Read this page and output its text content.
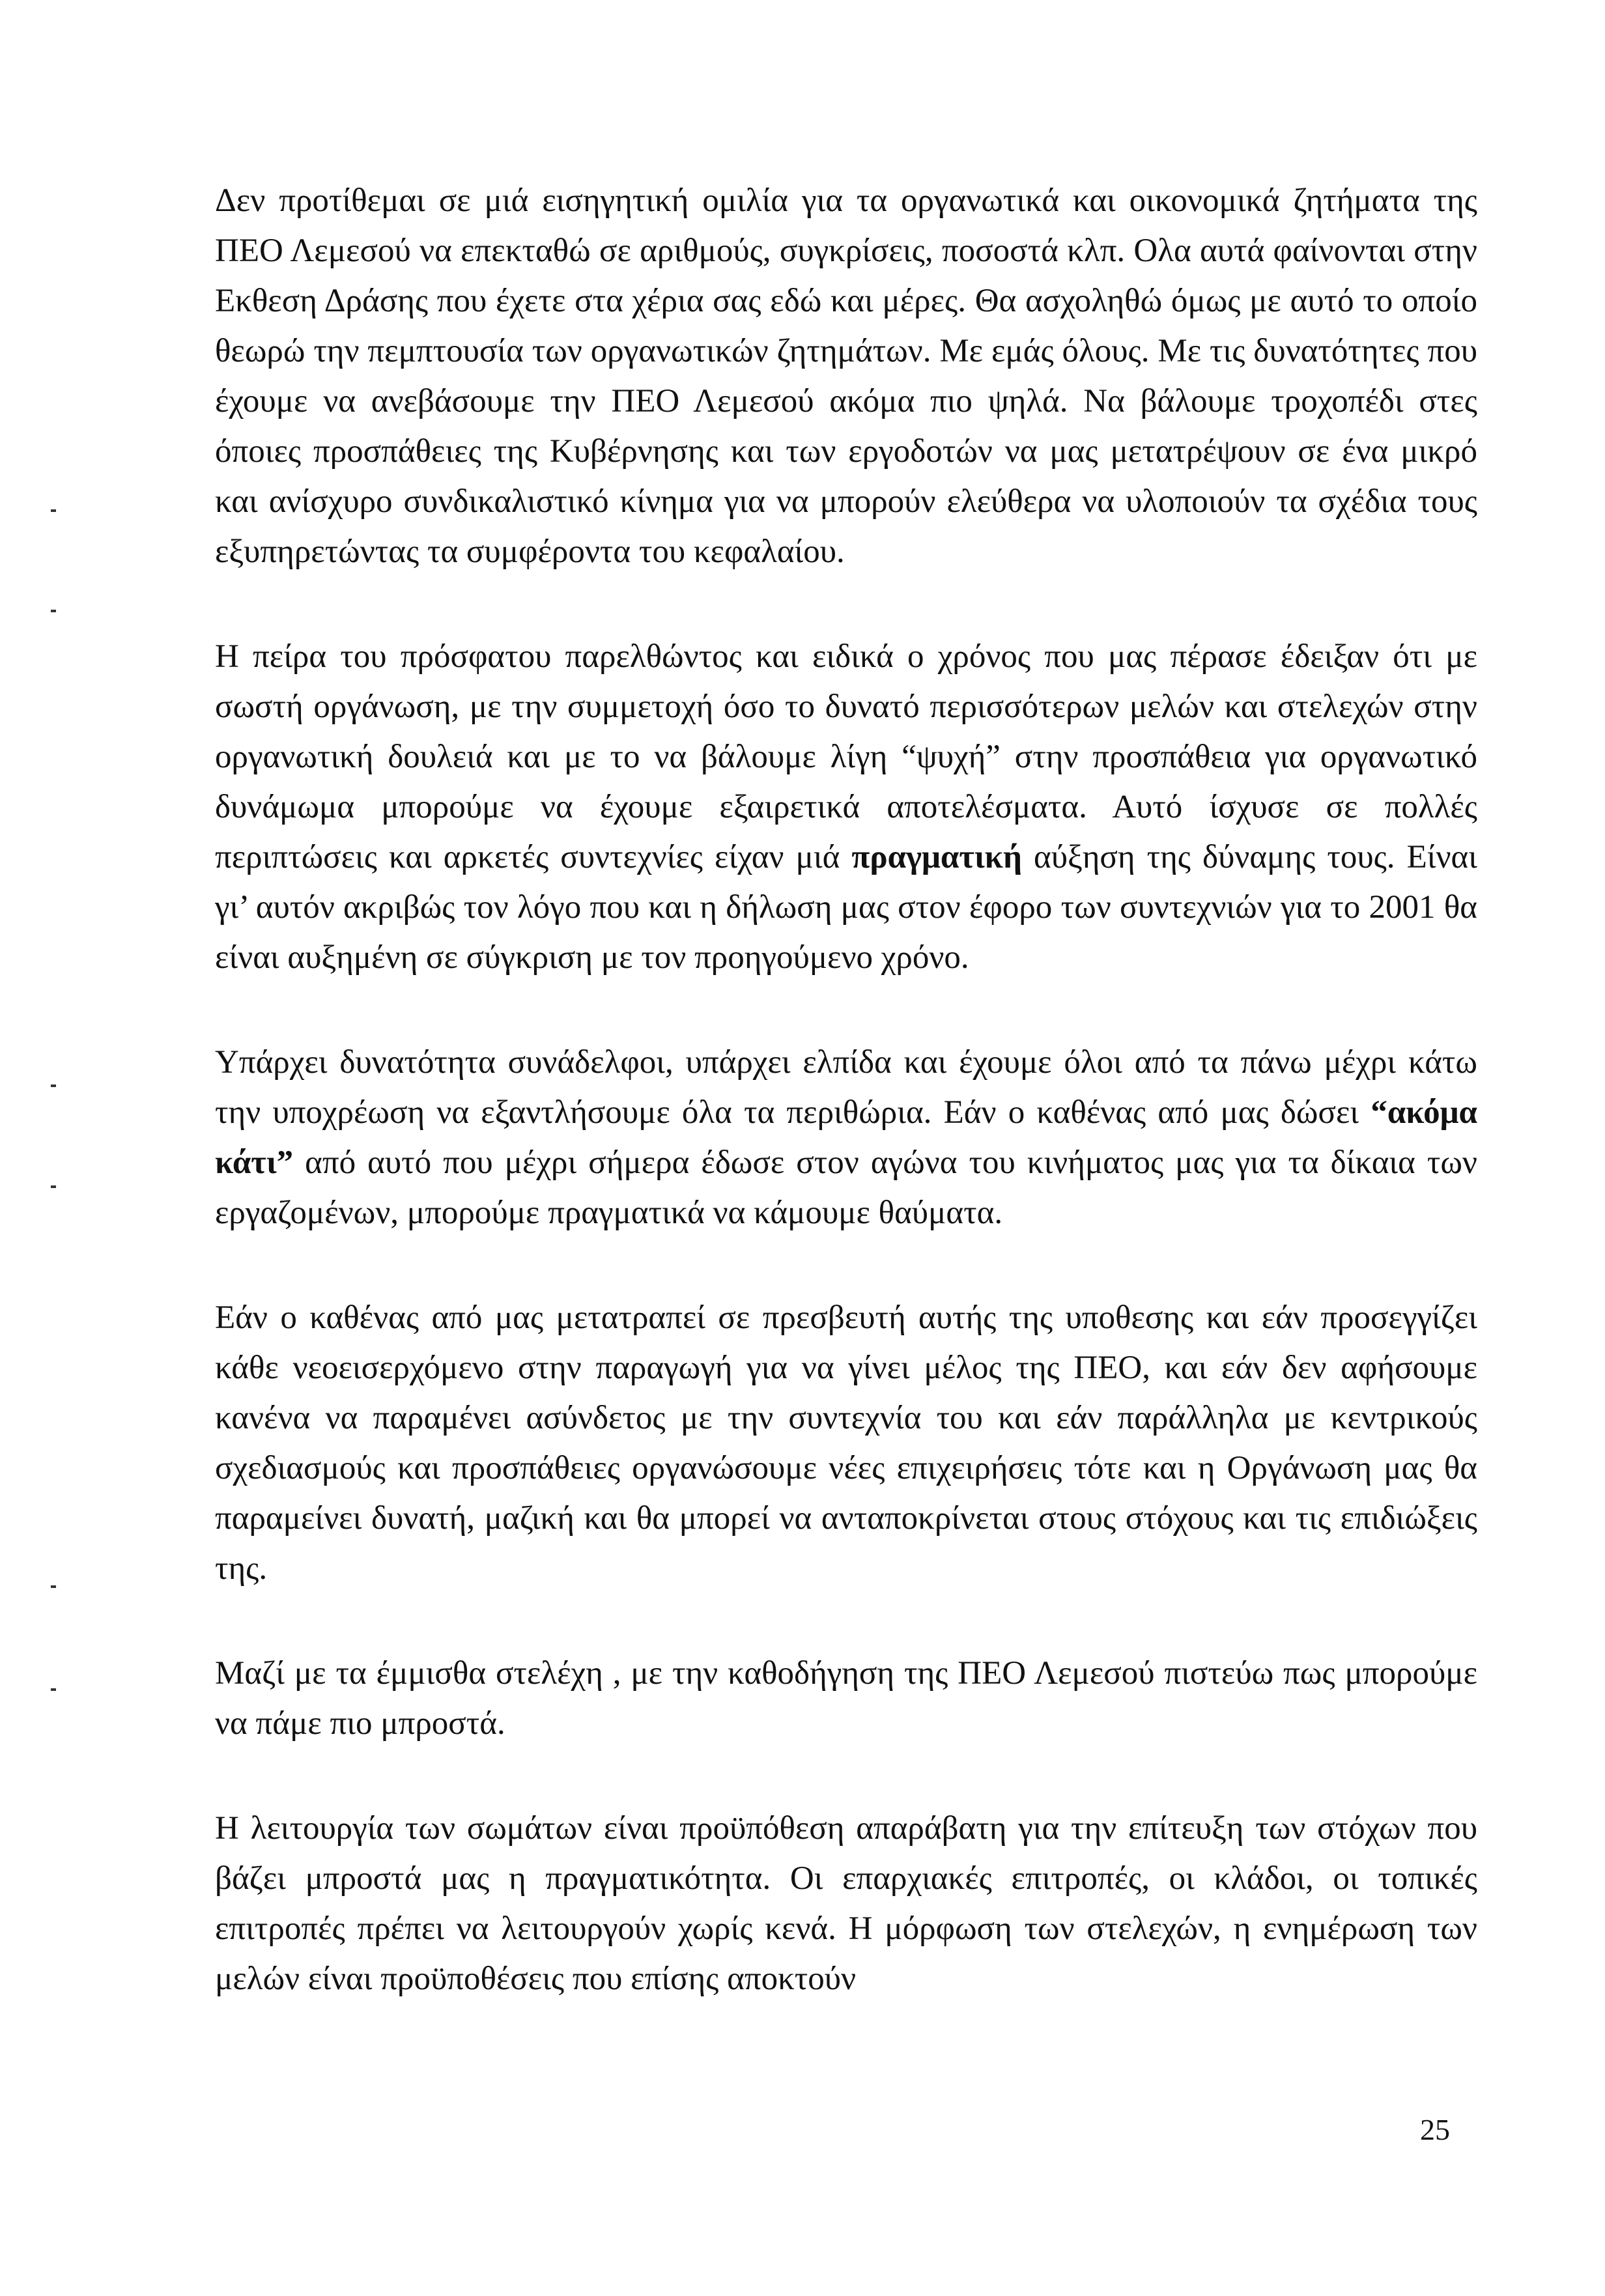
Δεν προτίθεμαι σε μιά εισηγητική ομιλία για τα οργανωτικά και οικονομικά ζητήματα της ΠΕΟ Λεμεσού να επεκταθώ σε αριθμούς, συγκρίσεις, ποσοστά κλπ. Ολα αυτά φαίνονται στην Εκθεση Δράσης που έχετε στα χέρια σας εδώ και μέρες. Θα ασχοληθώ όμως με αυτό το οποίο θεωρώ την πεμπτουσία των οργανωτικών ζητημάτων. Με εμάς όλους. Με τις δυνατότητες που έχουμε να ανεβάσουμε την ΠΕΟ Λεμεσού ακόμα πιο ψηλά. Να βάλουμε τροχοπέδι στες όποιες προσπάθειες της Κυβέρνησης και των εργοδοτών να μας μετατρέψουν σε ένα μικρό και ανίσχυρο συνδικαλιστικό κίνημα για να μπορούν ελεύθερα να υλοποιούν τα σχέδια τους εξυπηρετώντας τα συμφέροντα του κεφαλαίου.

Η πείρα του πρόσφατου παρελθώντος και ειδικά ο χρόνος που μας πέρασε έδειξαν ότι με σωστή οργάνωση, με την συμμετοχή όσο το δυνατό περισσότερων μελών και στελεχών στην οργανωτική δουλειά και με το να βάλουμε λίγη “ψυχή” στην προσπάθεια για οργανωτικό δυνάμωμα μπορούμε να έχουμε εξαιρετικά αποτελέσματα. Αυτό ίσχυσε σε πολλές περιπτώσεις και αρκετές συντεχνίες είχαν μιά πραγματική αύξηση της δύναμης τους. Είναι γι’ αυτόν ακριβώς τον λόγο που και η δήλωση μας στον έφορο των συντεχνιών για το 2001 θα είναι αυξημένη σε σύγκριση με τον προηγούμενο χρόνο.

Υπάρχει δυνατότητα συνάδελφοι, υπάρχει ελπίδα και έχουμε όλοι από τα πάνω μέχρι κάτω την υποχρέωση να εξαντλήσουμε όλα τα περιθώρια. Εάν ο καθένας από μας δώσει “ακόμα κάτι” από αυτό που μέχρι σήμερα έδωσε στον αγώνα του κινήματος μας για τα δίκαια των εργαζομένων, μπορούμε πραγματικά να κάμουμε θαύματα.

Εάν ο καθένας από μας μετατραπεί σε πρεσβευτή αυτής της υποθεσης και εάν προσεγγίζει κάθε νεοεισερχόμενο στην παραγωγή για να γίνει μέλος της ΠΕΟ, και εάν δεν αφήσουμε κανένα να παραμένει ασύνδετος με την συντεχνία του και εάν παράλληλα με κεντρικούς σχεδιασμούς και προσπάθειες οργανώσουμε νέες επιχειρήσεις τότε και η Οργάνωση μας θα παραμείνει δυνατή, μαζική και θα μπορεί να ανταποκρίνεται στους στόχους και τις επιδιώξεις της.

Μαζί με τα έμμισθα στελέχη , με την καθοδήγηση της ΠΕΟ Λεμεσού πιστεύω πως μπορούμε να πάμε πιο μπροστά.

Η λειτουργία των σωμάτων είναι προϋπόθεση απαράβατη για την επίτευξη των στόχων που βάζει μπροστά μας η πραγματικότητα. Οι επαρχιακές επιτροπές, οι κλάδοι, οι τοπικές επιτροπές πρέπει να λειτουργούν χωρίς κενά. Η μόρφωση των στελεχών, η ενημέρωση των μελών είναι προϋποθέσεις που επίσης αποκτούν

25
